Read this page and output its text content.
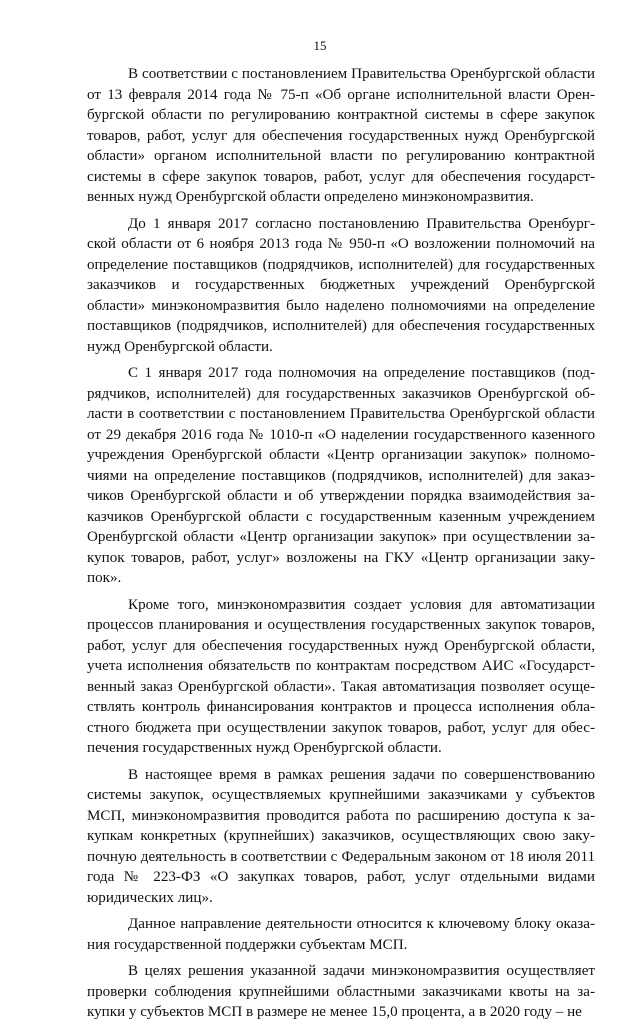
15

В соответствии с постановлением Правительства Оренбургской области от 13 февраля 2014 года № 75-п «Об органе исполнительной власти Оренбургской области по регулированию контрактной системы в сфере закупок товаров, работ, услуг для обеспечения государственных нужд Оренбургской области» органом исполнительной власти по регулированию контрактной системы в сфере закупок товаров, работ, услуг для обеспечения государственных нужд Оренбургской области определено минэкономразвития.

До 1 января 2017 согласно постановлению Правительства Оренбургской области от 6 ноября 2013 года № 950-п «О возложении полномочий на определение поставщиков (подрядчиков, исполнителей) для государственных заказчиков и государственных бюджетных учреждений Оренбургской области» минэкономразвития было наделено полномочиями на определение поставщиков (подрядчиков, исполнителей) для обеспечения государственных нужд Оренбургской области.

С 1 января 2017 года полномочия на определение поставщиков (подрядчиков, исполнителей) для государственных заказчиков Оренбургской области в соответствии с постановлением Правительства Оренбургской области от 29 декабря 2016 года № 1010-п «О наделении государственного казенного учреждения Оренбургской области «Центр организации закупок» полномочиями на определение поставщиков (подрядчиков, исполнителей) для заказчиков Оренбургской области и об утверждении порядка взаимодействия заказчиков Оренбургской области с государственным казенным учреждением Оренбургской области «Центр организации закупок» при осуществлении закупок товаров, работ, услуг» возложены на ГКУ «Центр организации закупок».

Кроме того, минэкономразвития создает условия для автоматизации процессов планирования и осуществления государственных закупок товаров, работ, услуг для обеспечения государственных нужд Оренбургской области, учета исполнения обязательств по контрактам посредством АИС «Государственный заказ Оренбургской области». Такая автоматизация позволяет осуществлять контроль финансирования контрактов и процесса исполнения областного бюджета при осуществлении закупок товаров, работ, услуг для обеспечения государственных нужд Оренбургской области.

В настоящее время в рамках решения задачи по совершенствованию системы закупок, осуществляемых крупнейшими заказчиками у субъектов МСП, минэкономразвития проводится работа по расширению доступа к закупкам конкретных (крупнейших) заказчиков, осуществляющих свою закупочную деятельность в соответствии с Федеральным законом от 18 июля 2011 года № 223-ФЗ «О закупках товаров, работ, услуг отдельными видами юридических лиц».

Данное направление деятельности относится к ключевому блоку оказания государственной поддержки субъектам МСП.

В целях решения указанной задачи минэкономразвития осуществляет проверки соблюдения крупнейшими областными заказчиками квоты на закупки у субъектов МСП в размере не менее 15,0 процента, а в 2020 году – не
